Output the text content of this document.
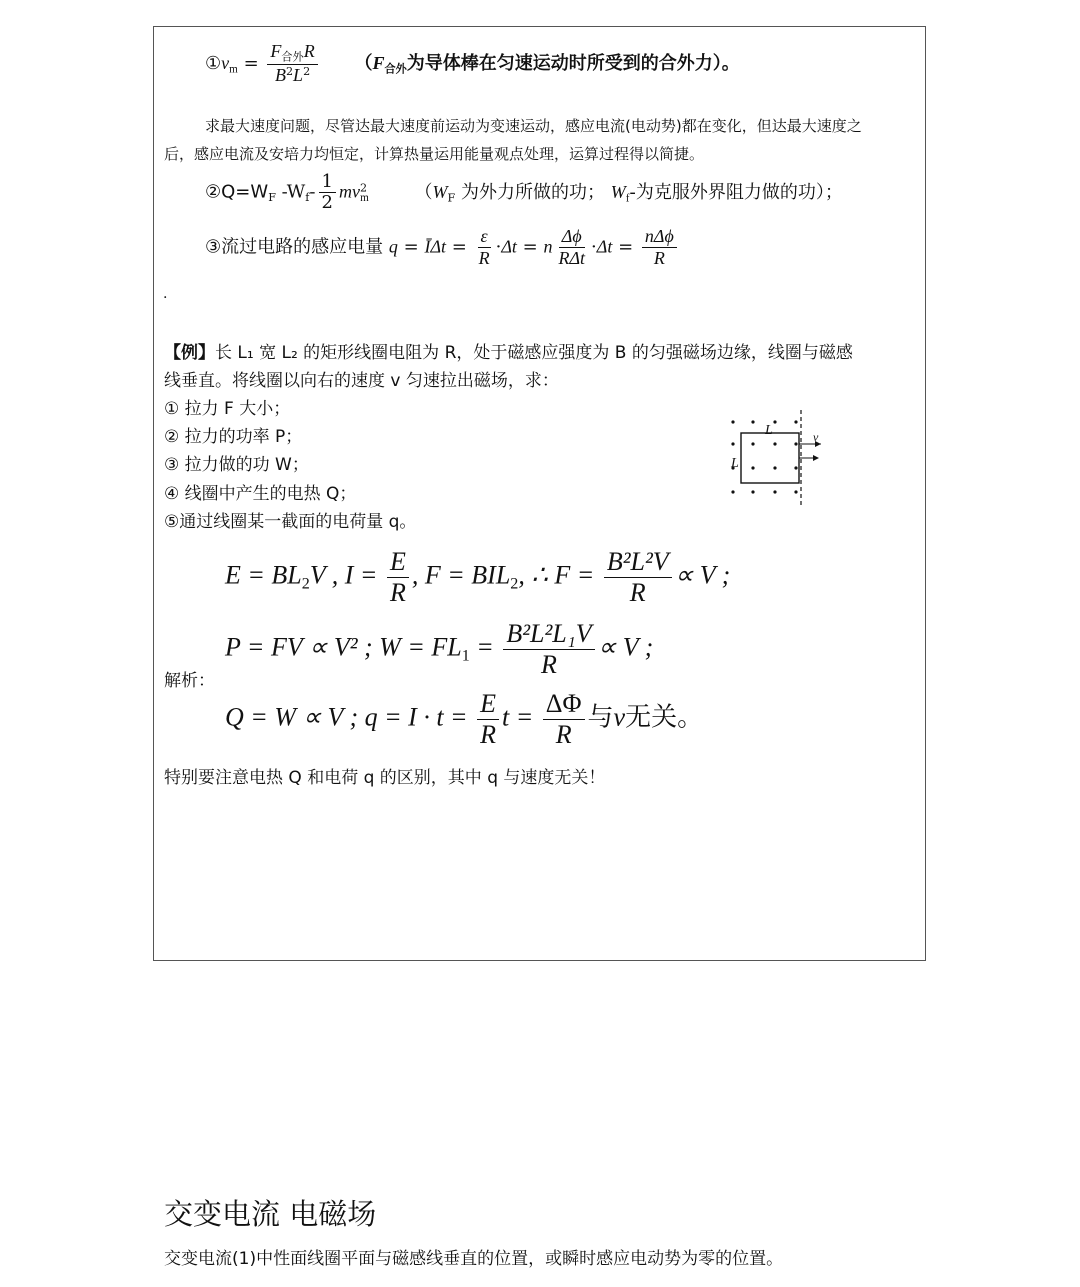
$①v_m = \frac{F_{合外}R}{B^2L^2} (F_{合外}$为导体棒在匀速运动时所受到的合外力）。
求最大速度问题，尽管达最大速度前运动为变速运动，感应电流(电动势)都在变化，但达最大速度之
后，感应电流及安培力均恒定，计算热量运用能量观点处理，运算过程得以简捷。
$②Q=W_F$ $-W_f- \frac{1}{2} mv^2_m$	（$W_F$ 为外力所做的功； $W_f-$为克服外界阻力做的功）；
③流过电路的感应电量 q = ĪΔt = $\frac{\varepsilon}{R} \cdot\Delta t = n \frac{\Delta\phi}{\text{RΔt}} \cdot\Delta t = \frac{\text{nΔϕ}}{R}$
.
【例】长 L₁ 宽 L₂ 的矩形线圈电阻为 R，处于磁感应强度为 B 的匀强磁场边缘，线圈与磁感
线垂直。将线圈以向右的速度 v 匀速拉出磁场，求：
① 拉力 F 大小；
② 拉力的功率 P；
③ 拉力做的功 W；
④ 线圈中产生的电热 Q；
⑤通过线圈某一截面的电荷量 q。
L
L
v
$E = BL_2V$ , $I = \frac{E}{R}$ , $F = BIL_2$, ∴ $F = \frac{\text{B²L²V}}{R} \propto V$ ;
P = FV ∝ V² ; $W = FL_1 = \frac{\text{B²L²L₁V}}{R} \propto V$ ;
解析：
Q = W ∝ V ; $q = I \cdot t = \frac{E}{R}$ $t = \frac{\Delta\Phi}{R}$ 与v无关。
特别要注意电热 Q 和电荷 q 的区别，其中 q 与速度无关！
交变电流 电磁场
交变电流(1)中性面线圈平面与磁感线垂直的位置，或瞬时感应电动势为零的位置。
